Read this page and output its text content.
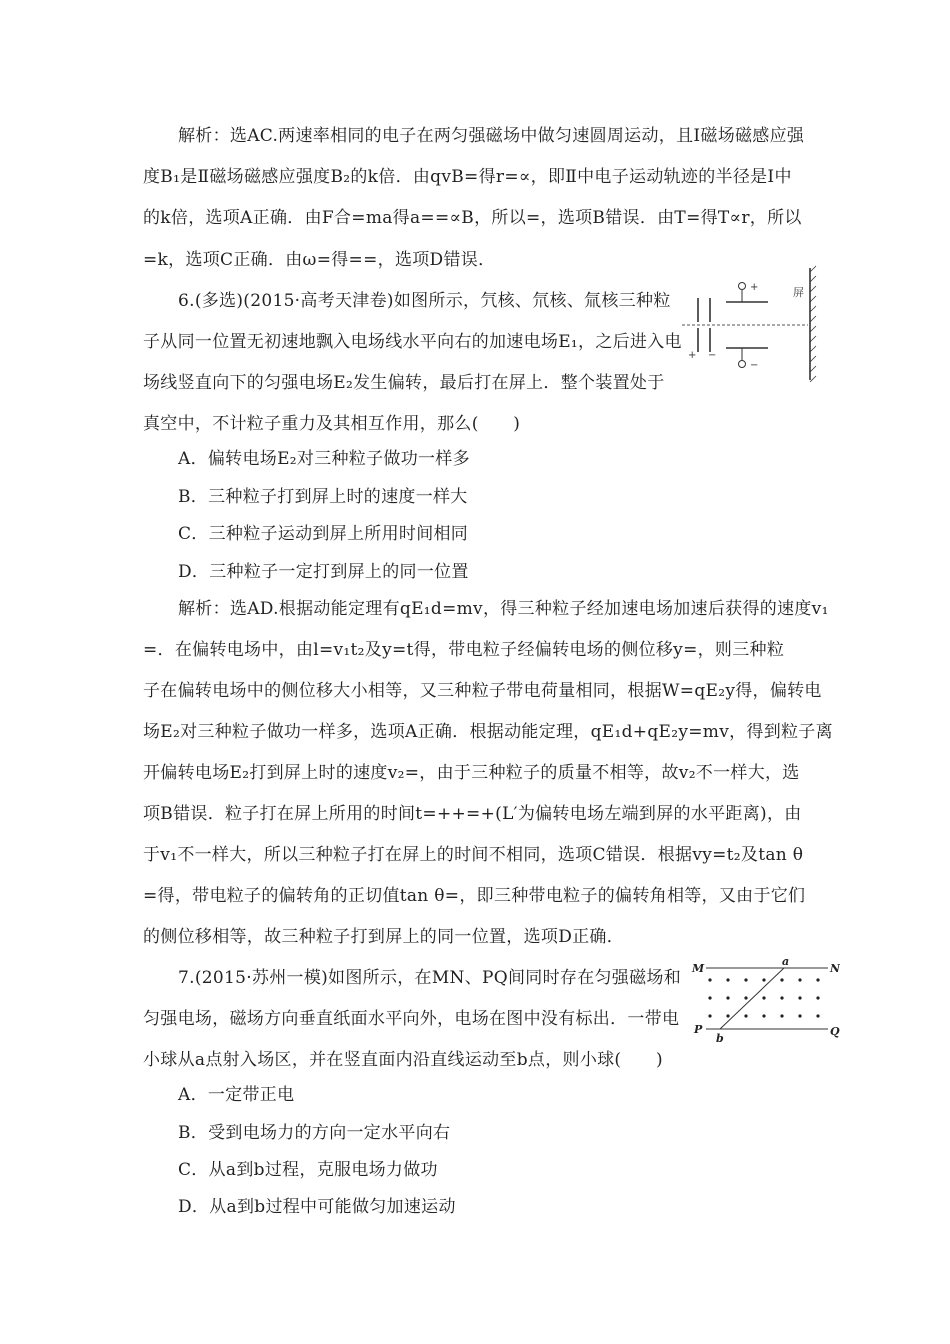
解析：选AC.两速率相同的电子在两匀强磁场中做匀速圆周运动，且Ⅰ磁场磁感应强
度B₁是Ⅱ磁场磁感应强度B₂的k倍．由qvB=得r=∝，即Ⅱ中电子运动轨迹的半径是Ⅰ中
的k倍，选项A正确．由F合=ma得a==∝B，所以=，选项B错误．由T=得T∝r，所以
=k，选项C正确．由ω=得==，选项D错误．
6.(多选)(2015·高考天津卷)如图所示，氕核、氘核、氚核三种粒
子从同一位置无初速地飘入电场线水平向右的加速电场E₁，之后进入电
场线竖直向下的匀强电场E₂发生偏转，最后打在屏上．整个装置处于
真空中，不计粒子重力及其相互作用，那么(　　)
屏
+
−
+ −
A．偏转电场E₂对三种粒子做功一样多
B．三种粒子打到屏上时的速度一样大
C．三种粒子运动到屏上所用时间相同
D．三种粒子一定打到屏上的同一位置
解析：选AD.根据动能定理有qE₁d=mv，得三种粒子经加速电场加速后获得的速度v₁
=．在偏转电场中，由l=v₁t₂及y=t得，带电粒子经偏转电场的侧位移y=，则三种粒
子在偏转电场中的侧位移大小相等，又三种粒子带电荷量相同，根据W=qE₂y得，偏转电
场E₂对三种粒子做功一样多，选项A正确．根据动能定理，qE₁d+qE₂y=mv，得到粒子离
开偏转电场E₂打到屏上时的速度v₂=，由于三种粒子的质量不相等，故v₂不一样大，选
项B错误．粒子打在屏上所用的时间t=++=+(L′为偏转电场左端到屏的水平距离)，由
于v₁不一样大，所以三种粒子打在屏上的时间不相同，选项C错误．根据vy=t₂及tan θ
=得，带电粒子的偏转角的正切值tan θ=，即三种带电粒子的偏转角相等，又由于它们
的侧位移相等，故三种粒子打到屏上的同一位置，选项D正确．
7.(2015·苏州一模)如图所示，在MN、PQ间同时存在匀强磁场和
匀强电场，磁场方向垂直纸面水平向外，电场在图中没有标出．一带电
小球从a点射入场区，并在竖直面内沿直线运动至b点，则小球(　　)
M	N
P	Q
a
b
A．一定带正电
B．受到电场力的方向一定水平向右
C．从a到b过程，克服电场力做功
D．从a到b过程中可能做匀加速运动
